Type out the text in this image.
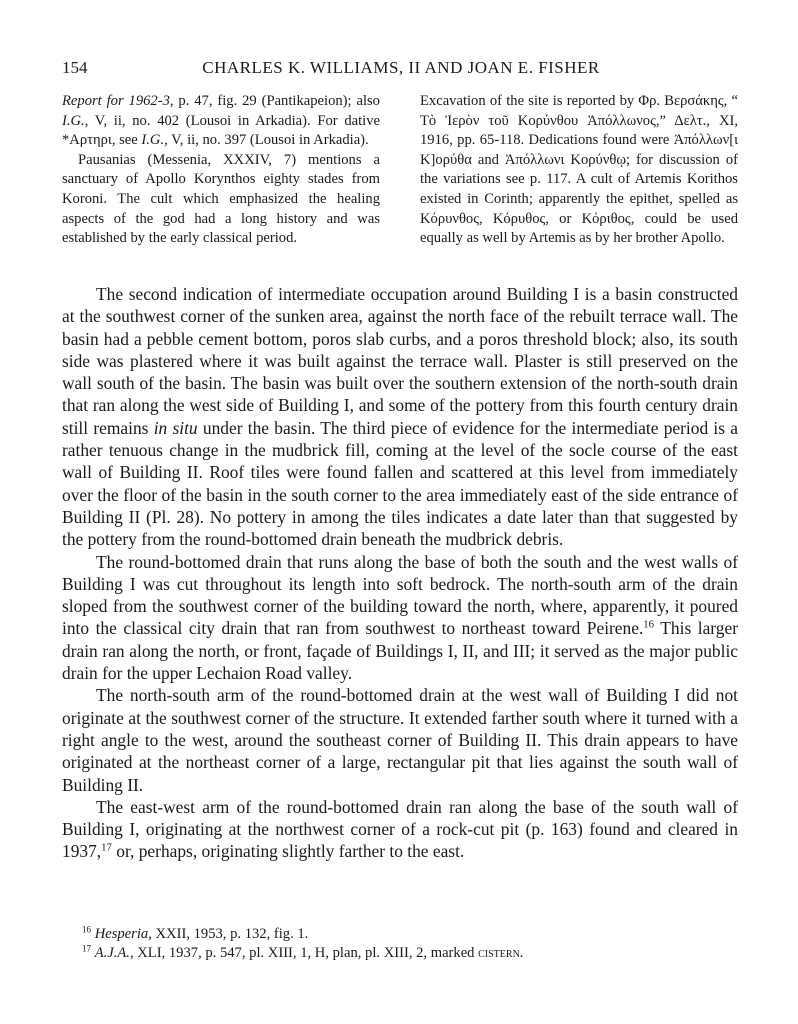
154	CHARLES K. WILLIAMS, II AND JOAN E. FISHER

Report for 1962-3, p. 47, fig. 29 (Pantikapeion); also I.G., V, ii, no. 402 (Lousoi in Arkadia). For dative *Αρτηρι, see I.G., V, ii, no. 397 (Lousoi in Arkadia).

Pausanias (Messenia, XXXIV, 7) mentions a sanctuary of Apollo Korynthos eighty stades from Koroni. The cult which emphasized the healing aspects of the god had a long history and was established by the early classical period.

Excavation of the site is reported by Φρ. Βερσάκης, “ Τὸ Ἱερὸν τοῦ Κορύνθου Ἀπόλλωνος,” Δελτ., XI, 1916, pp. 65-118. Dedications found were Ἀπόλλων[ι Κ]ορύθα and Ἀπόλλωνι Κορύνθῳ; for discussion of the variations see p. 117. A cult of Artemis Korithos existed in Corinth; apparently the epithet, spelled as Κόρυνθος, Κόρυθος, or Κόριθος, could be used equally as well by Artemis as by her brother Apollo.

The second indication of intermediate occupation around Building I is a basin constructed at the southwest corner of the sunken area, against the north face of the rebuilt terrace wall. The basin had a pebble cement bottom, poros slab curbs, and a poros threshold block; also, its south side was plastered where it was built against the terrace wall. Plaster is still preserved on the wall south of the basin. The basin was built over the southern extension of the north-south drain that ran along the west side of Building I, and some of the pottery from this fourth century drain still remains in situ under the basin. The third piece of evidence for the intermediate period is a rather tenuous change in the mudbrick fill, coming at the level of the socle course of the east wall of Building II. Roof tiles were found fallen and scattered at this level from immediately over the floor of the basin in the south corner to the area immediately east of the side entrance of Building II (Pl. 28). No pottery in among the tiles indicates a date later than that suggested by the pottery from the round-bottomed drain beneath the mudbrick debris.

The round-bottomed drain that runs along the base of both the south and the west walls of Building I was cut throughout its length into soft bedrock. The north-south arm of the drain sloped from the southwest corner of the building toward the north, where, apparently, it poured into the classical city drain that ran from southwest to northeast toward Peirene.$^{16}$ This larger drain ran along the north, or front, façade of Buildings I, II, and III; it served as the major public drain for the upper Lechaion Road valley.

The north-south arm of the round-bottomed drain at the west wall of Building I did not originate at the southwest corner of the structure. It extended farther south where it turned with a right angle to the west, around the southeast corner of Building II. This drain appears to have originated at the northeast corner of a large, rectangular pit that lies against the south wall of Building II.

The east-west arm of the round-bottomed drain ran along the base of the south wall of Building I, originating at the northwest corner of a rock-cut pit (p. 163) found and cleared in 1937,17 or, perhaps, originating slightly farther to the east.

$^{16}$ Hesperia, XXII, 1953, p. 132, fig. 1.

$^{17}$ A.J.A., XLI, 1937, p. 547, pl. XIII, 1, H, plan, pl. XIII, 2, marked cistern.
